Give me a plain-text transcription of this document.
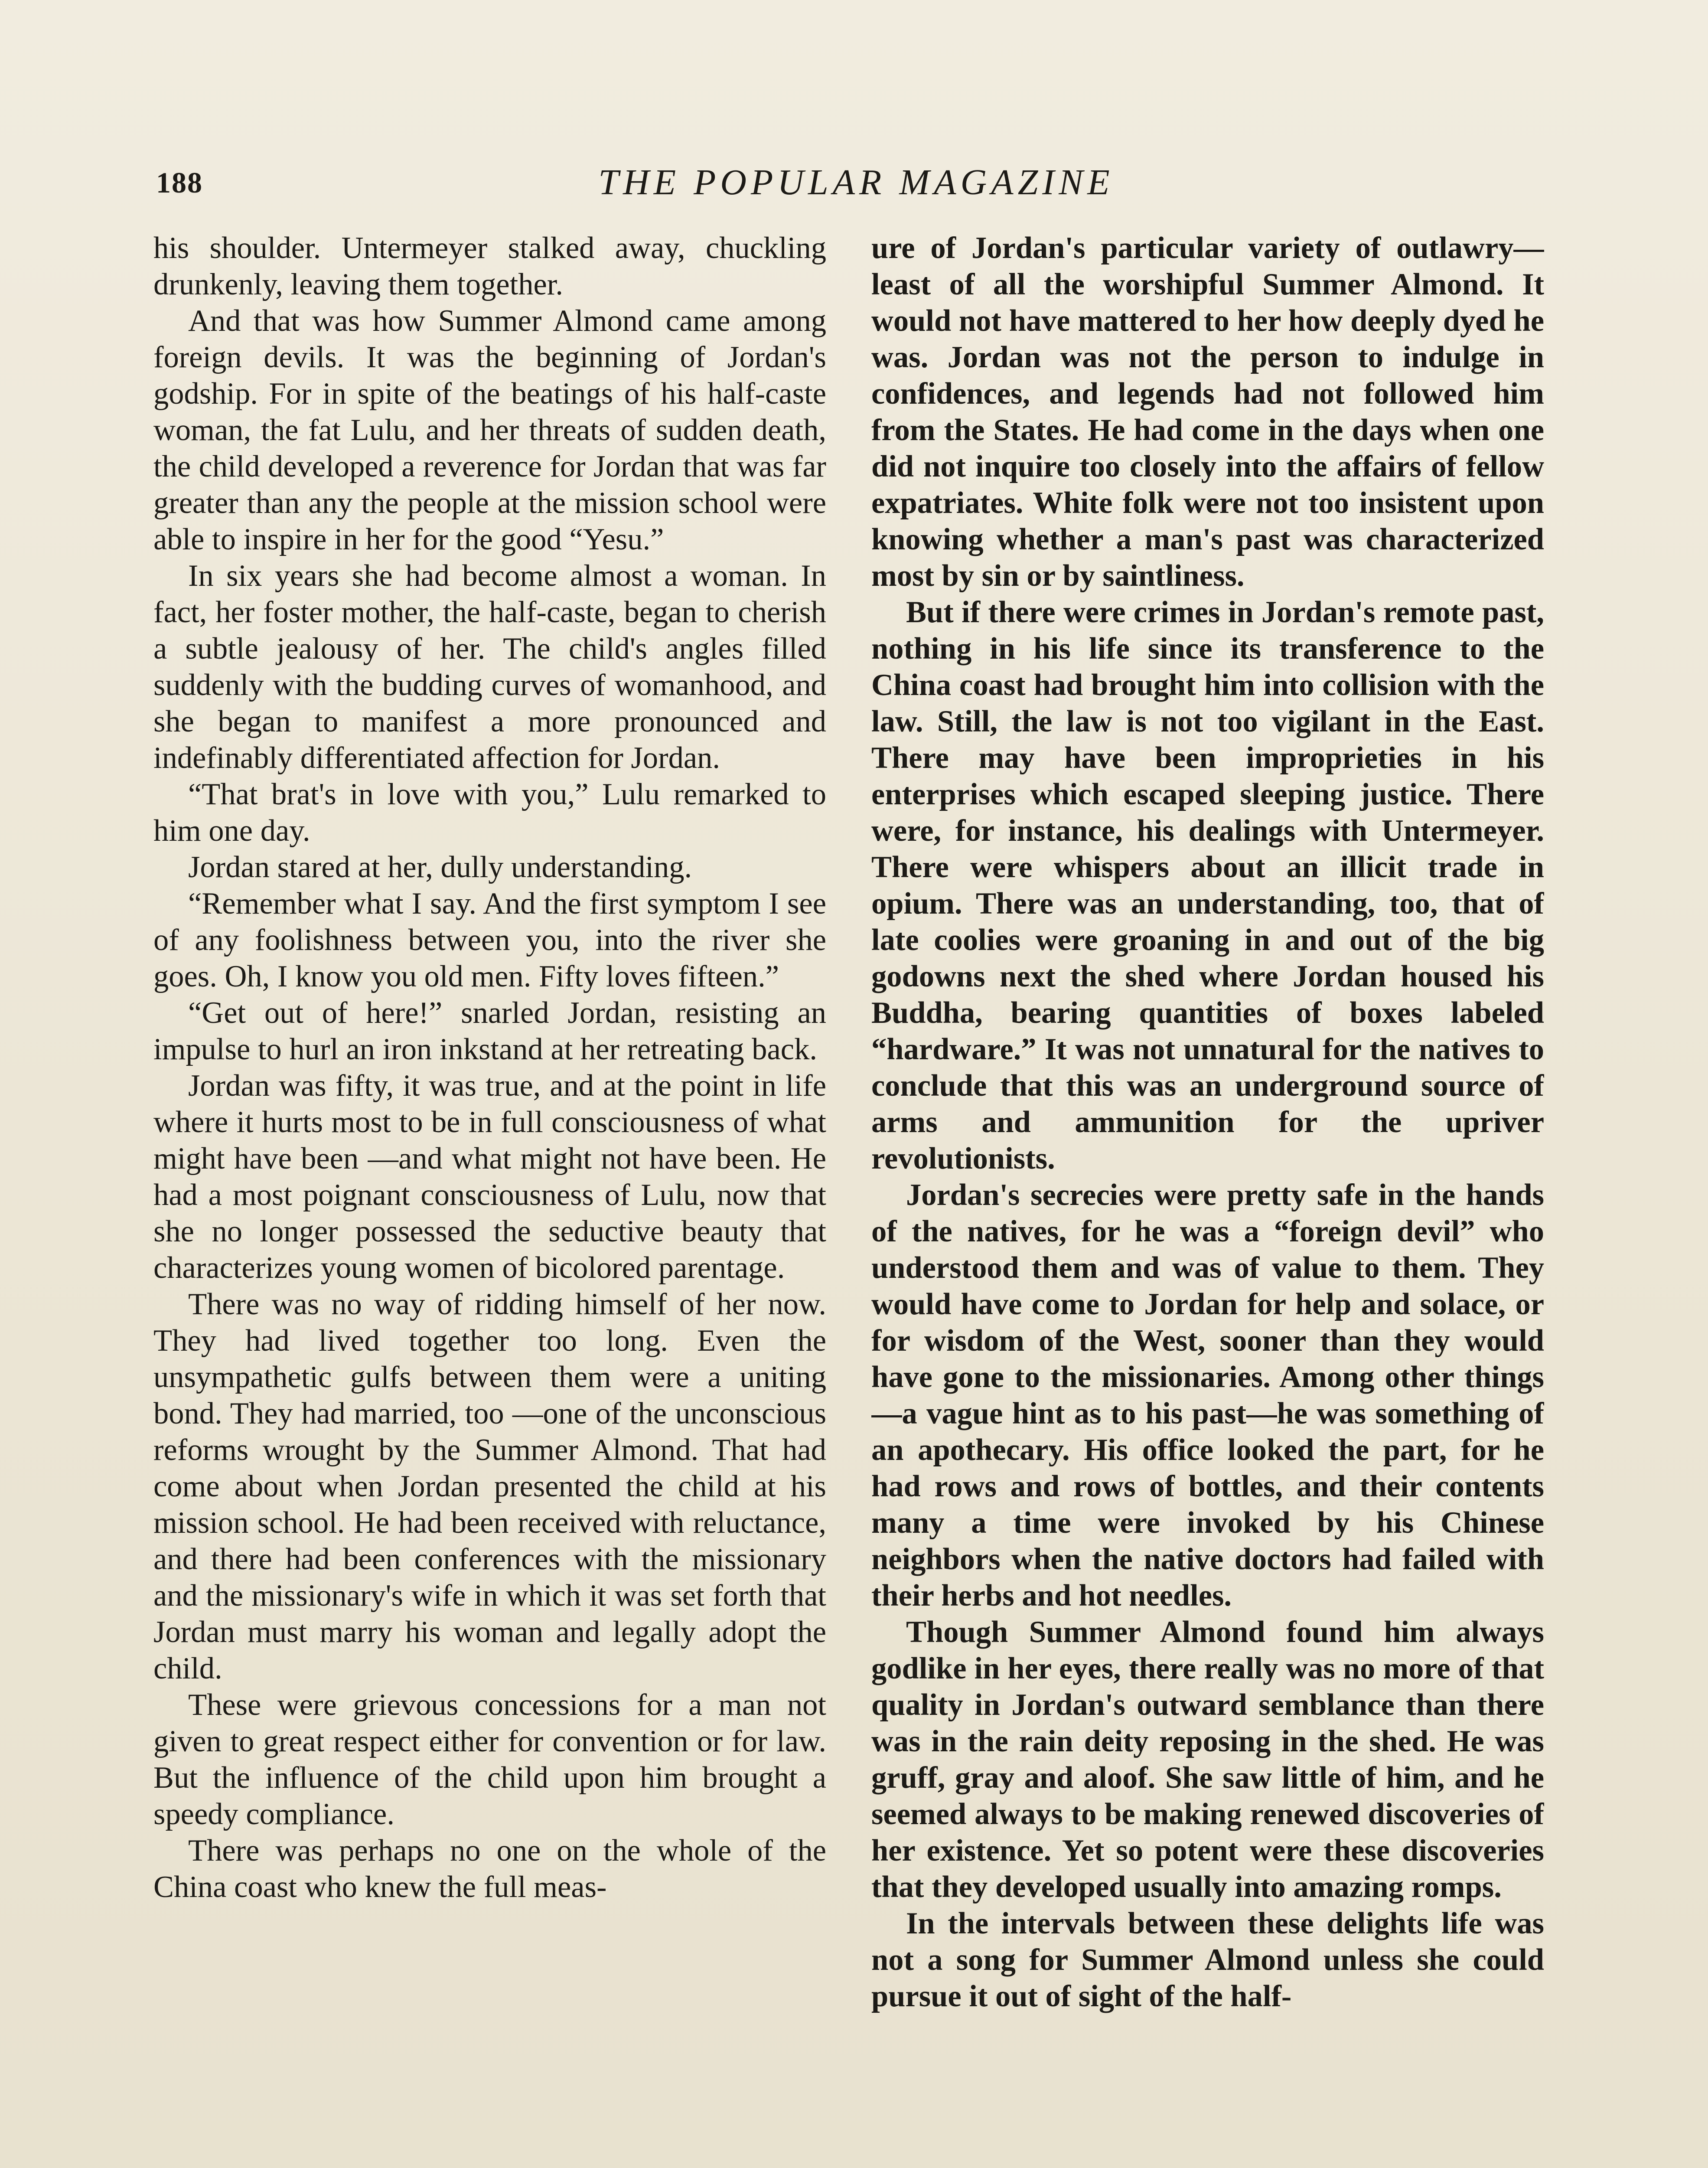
188	THE POPULAR MAGAZINE

his shoulder. Untermeyer stalked away, chuckling drunkenly, leaving them together.

And that was how Summer Almond came among foreign devils. It was the beginning of Jordan's godship. For in spite of the beatings of his half-caste woman, the fat Lulu, and her threats of sudden death, the child developed a reverence for Jordan that was far greater than any the people at the mission school were able to inspire in her for the good “Yesu.”

In six years she had become almost a woman. In fact, her foster mother, the half-caste, began to cherish a subtle jealousy of her. The child's angles filled suddenly with the budding curves of womanhood, and she began to manifest a more pronounced and indefinably differentiated affection for Jordan.

“That brat's in love with you,” Lulu remarked to him one day.

Jordan stared at her, dully understanding.

“Remember what I say. And the first symptom I see of any foolishness between you, into the river she goes. Oh, I know you old men. Fifty loves fifteen.”

“Get out of here!” snarled Jordan, resisting an impulse to hurl an iron inkstand at her retreating back.

Jordan was fifty, it was true, and at the point in life where it hurts most to be in full consciousness of what might have been —and what might not have been. He had a most poignant consciousness of Lulu, now that she no longer possessed the seductive beauty that characterizes young women of bicolored parentage.

There was no way of ridding himself of her now. They had lived together too long. Even the unsympathetic gulfs between them were a uniting bond. They had married, too —one of the unconscious reforms wrought by the Summer Almond. That had come about when Jordan presented the child at his mission school. He had been received with reluctance, and there had been conferences with the missionary and the missionary's wife in which it was set forth that Jordan must marry his woman and legally adopt the child.

These were grievous concessions for a man not given to great respect either for convention or for law. But the influence of the child upon him brought a speedy compliance.

There was perhaps no one on the whole of the China coast who knew the full meas-

ure of Jordan's particular variety of outlawry—least of all the worshipful Summer Almond. It would not have mattered to her how deeply dyed he was. Jordan was not the person to indulge in confidences, and legends had not followed him from the States. He had come in the days when one did not inquire too closely into the affairs of fellow expatriates. White folk were not too insistent upon knowing whether a man's past was characterized most by sin or by saintliness.

But if there were crimes in Jordan's remote past, nothing in his life since its transference to the China coast had brought him into collision with the law. Still, the law is not too vigilant in the East. There may have been improprieties in his enterprises which escaped sleeping justice. There were, for instance, his dealings with Untermeyer. There were whispers about an illicit trade in opium. There was an understanding, too, that of late coolies were groaning in and out of the big godowns next the shed where Jordan housed his Buddha, bearing quantities of boxes labeled “hardware.” It was not unnatural for the natives to conclude that this was an underground source of arms and ammunition for the upriver revolutionists.

Jordan's secrecies were pretty safe in the hands of the natives, for he was a “foreign devil” who understood them and was of value to them. They would have come to Jordan for help and solace, or for wisdom of the West, sooner than they would have gone to the missionaries. Among other things—a vague hint as to his past—he was something of an apothecary. His office looked the part, for he had rows and rows of bottles, and their contents many a time were invoked by his Chinese neighbors when the native doctors had failed with their herbs and hot needles.

Though Summer Almond found him always godlike in her eyes, there really was no more of that quality in Jordan's outward semblance than there was in the rain deity reposing in the shed. He was gruff, gray and aloof. She saw little of him, and he seemed always to be making renewed discoveries of her existence. Yet so potent were these discoveries that they developed usually into amazing romps.

In the intervals between these delights life was not a song for Summer Almond unless she could pursue it out of sight of the half-
